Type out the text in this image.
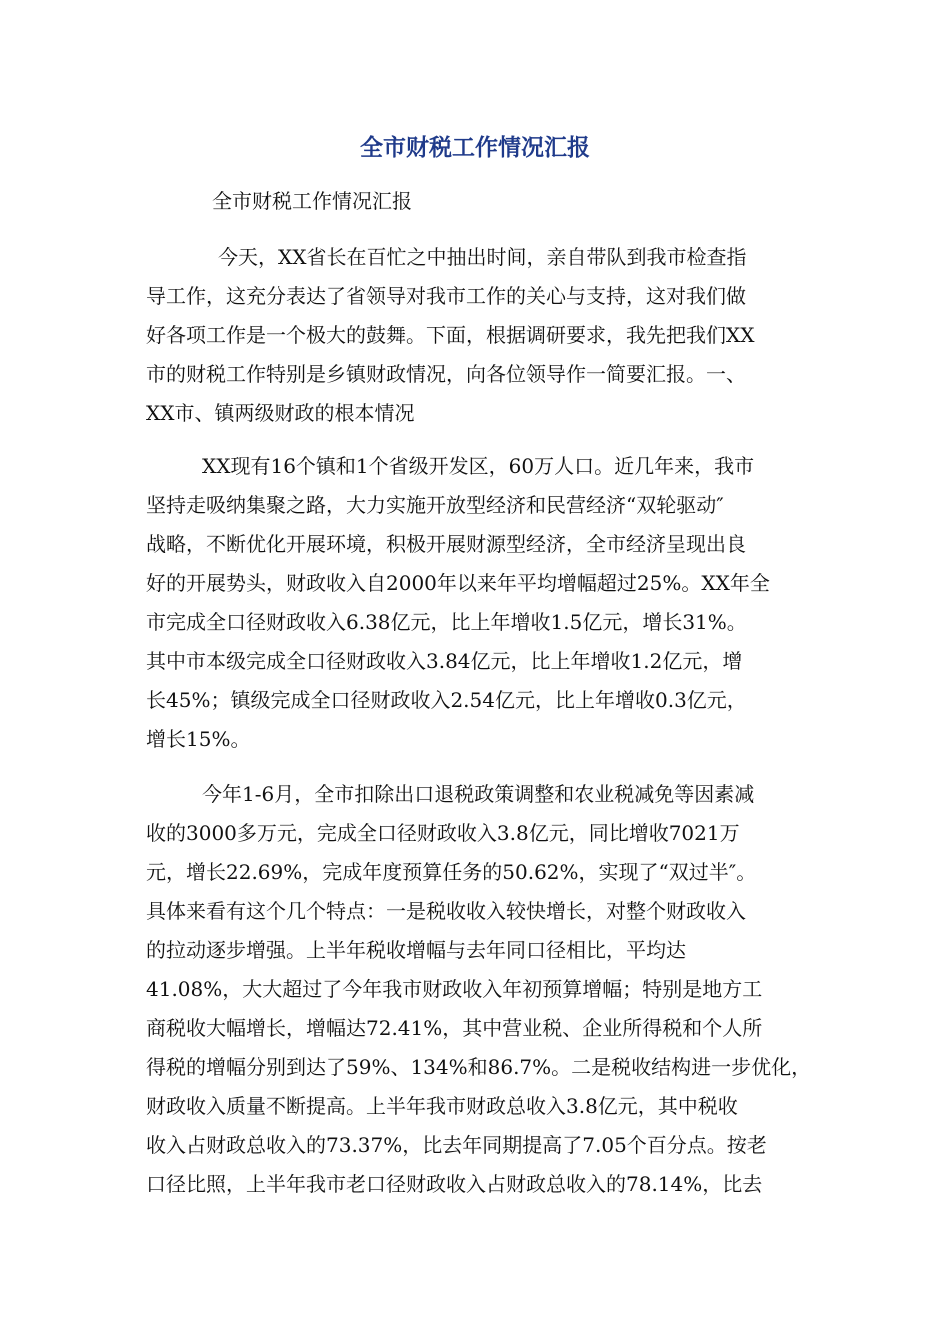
全市财税工作情况汇报

全市财税工作情况汇报

今天，XX省长在百忙之中抽出时间，亲自带队到我市检查指
导工作，这充分表达了省领导对我市工作的关心与支持，这对我们做
好各项工作是一个极大的鼓舞。下面，根据调研要求，我先把我们XX
市的财税工作特别是乡镇财政情况，向各位领导作一简要汇报。一、
XX市、镇两级财政的根本情况
XX现有16个镇和1个省级开发区，60万人口。近几年来，我市
坚持走吸纳集聚之路，大力实施开放型经济和民营经济“双轮驱动″
战略，不断优化开展环境，积极开展财源型经济，全市经济呈现出良
好的开展势头，财政收入自2000年以来年平均增幅超过25%。XX年全
市完成全口径财政收入6.38亿元，比上年增收1.5亿元，增长31%。
其中市本级完成全口径财政收入3.84亿元，比上年增收1.2亿元，增
长45%；镇级完成全口径财政收入2.54亿元，比上年增收0.3亿元，
增长15%。
今年1-6月，全市扣除出口退税政策调整和农业税减免等因素减
收的3000多万元，完成全口径财政收入3.8亿元，同比增收7021万
元，增长22.69%，完成年度预算任务的50.62%，实现了“双过半″。
具体来看有这个几个特点：一是税收收入较快增长，对整个财政收入
的拉动逐步增强。上半年税收增幅与去年同口径相比，平均达
41.08%，大大超过了今年我市财政收入年初预算增幅；特别是地方工
商税收大幅增长，增幅达72.41%，其中营业税、企业所得税和个人所
得税的增幅分别到达了59%、134%和86.7%。二是税收结构进一步优化，
财政收入质量不断提高。上半年我市财政总收入3.8亿元，其中税收
收入占财政总收入的73.37%，比去年同期提高了7.05个百分点。按老
口径比照，上半年我市老口径财政收入占财政总收入的78.14%，比去
